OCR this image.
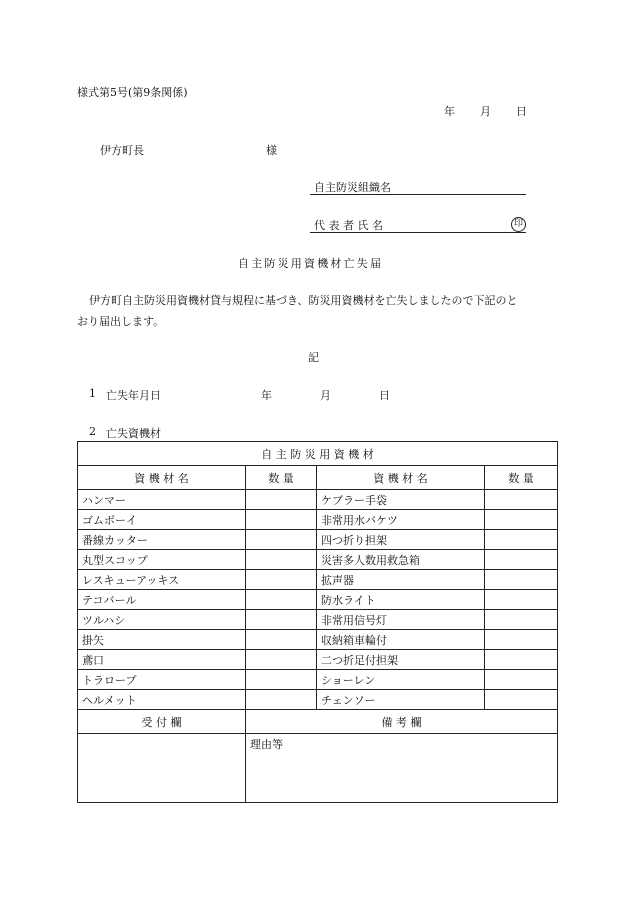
様式第5号(第9条関係)
年 月 日
伊方町長	様
自主防災組織名
代 表 者 氏 名	印
自主防災用資機材亡失届
伊方町自主防災用資機材貸与規程に基づき、防災用資機材を亡失しましたので下記のと
おり届出します。
記
1 亡失年月日	年	月	日
2 亡失資機材
自 主 防 災 用 資 機 材			
資 機 材 名	数 量	資 機 材 名	数 量
ハンマー		ケブラー手袋	
ゴムボーイ		非常用水バケツ	
番線カッター		四つ折り担架	
丸型スコップ		災害多人数用救急箱	
レスキューアッキス		拡声器	
テコバール		防水ライト	
ツルハシ		非常用信号灯	
掛矢		収納箱車輪付	
鳶口		二つ折足付担架	
トラロープ		ショーレン	
ヘルメット		チェンソー	
受 付 欄	備 考 欄		
	理由等		
